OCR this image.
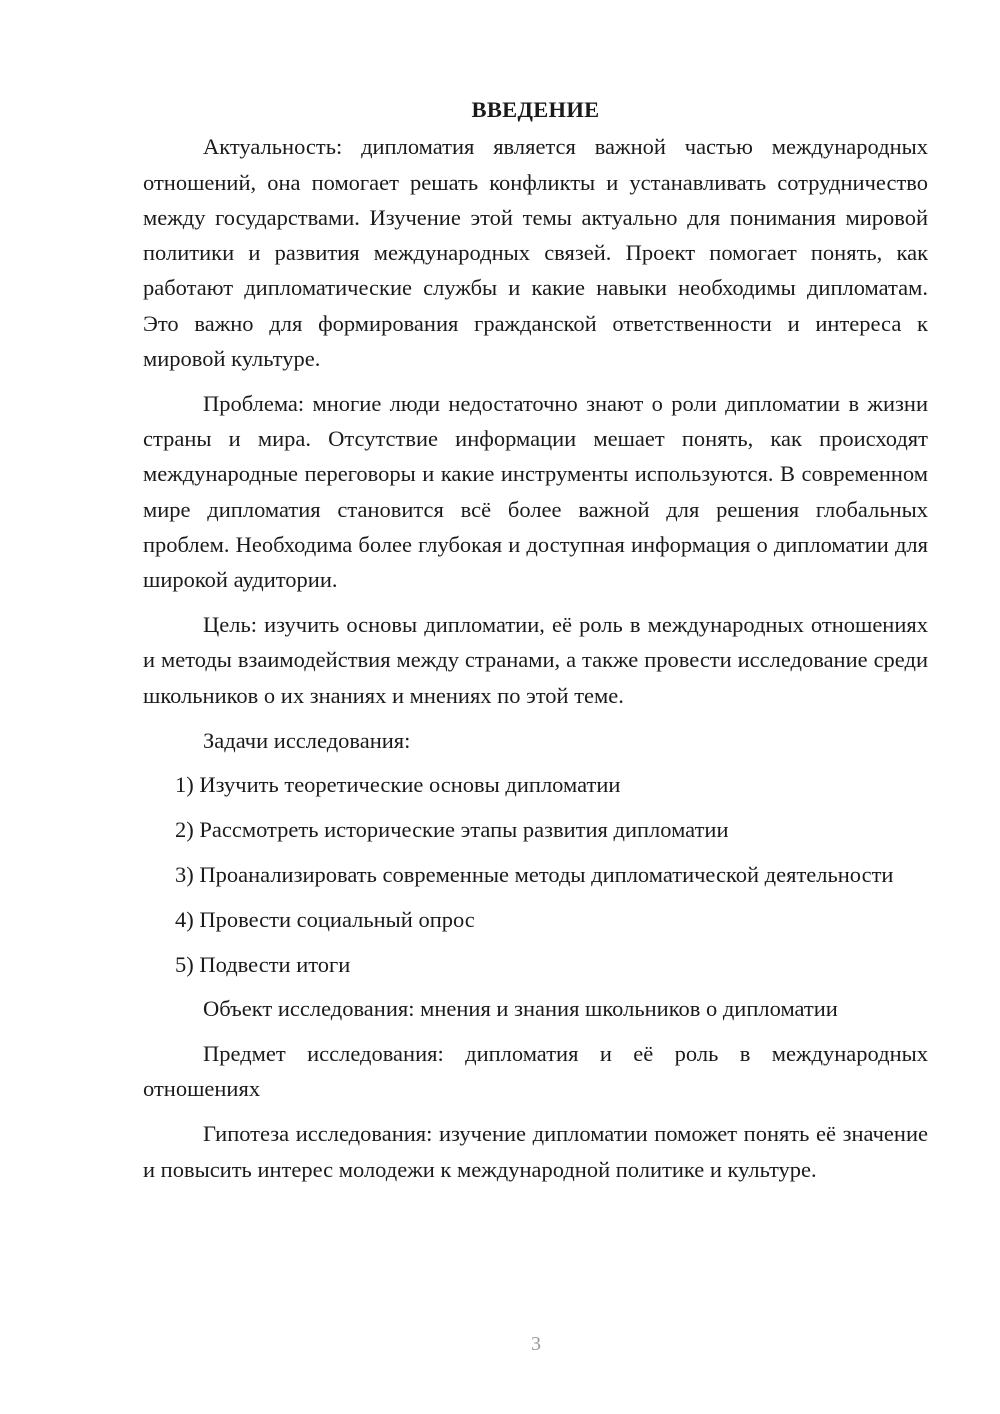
ВВЕДЕНИЕ

Актуальность: дипломатия является важной частью международных отношений, она помогает решать конфликты и устанавливать сотрудничество между государствами. Изучение этой темы актуально для понимания мировой политики и развития международных связей. Проект помогает понять, как работают дипломатические службы и какие навыки необходимы дипломатам. Это важно для формирования гражданской ответственности и интереса к мировой культуре.

Проблема: многие люди недостаточно знают о роли дипломатии в жизни страны и мира. Отсутствие информации мешает понять, как происходят международные переговоры и какие инструменты используются. В современном мире дипломатия становится всё более важной для решения глобальных проблем. Необходима более глубокая и доступная информация о дипломатии для широкой аудитории.

Цель: изучить основы дипломатии, её роль в международных отношениях и методы взаимодействия между странами, а также провести исследование среди школьников о их знаниях и мнениях по этой теме.

Задачи исследования:

1) Изучить теоретические основы дипломатии

2) Рассмотреть исторические этапы развития дипломатии

3) Проанализировать современные методы дипломатической деятельности

4) Провести социальный опрос

5) Подвести итоги

Объект исследования: мнения и знания школьников о дипломатии

Предмет исследования: дипломатия и её роль в международных отношениях

Гипотеза исследования: изучение дипломатии поможет понять её значение и повысить интерес молодежи к международной политике и культуре.

3
